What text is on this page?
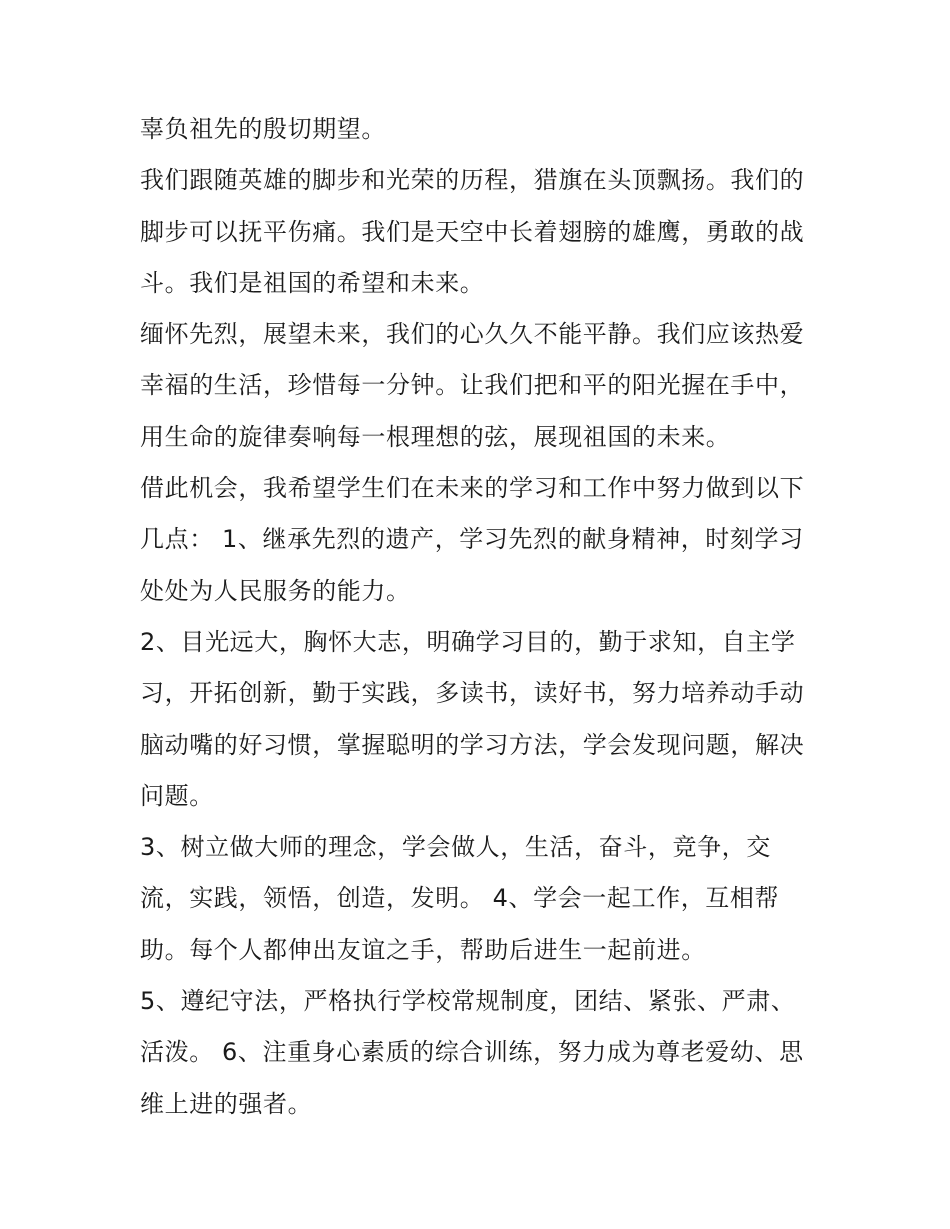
辜负祖先的殷切期望。

我们跟随英雄的脚步和光荣的历程，猎旗在头顶飘扬。我们的
脚步可以抚平伤痛。我们是天空中长着翅膀的雄鹰，勇敢的战
斗。我们是祖国的希望和未来。

缅怀先烈，展望未来，我们的心久久不能平静。我们应该热爱
幸福的生活，珍惜每一分钟。让我们把和平的阳光握在手中，
用生命的旋律奏响每一根理想的弦，展现祖国的未来。

借此机会，我希望学生们在未来的学习和工作中努力做到以下
几点： 1、继承先烈的遗产，学习先烈的献身精神，时刻学习
处处为人民服务的能力。

2、目光远大，胸怀大志，明确学习目的，勤于求知，自主学
习，开拓创新，勤于实践，多读书，读好书，努力培养动手动
脑动嘴的好习惯，掌握聪明的学习方法，学会发现问题，解决
问题。

3、树立做大师的理念，学会做人，生活，奋斗，竞争，交
流，实践，领悟，创造，发明。 4、学会一起工作，互相帮
助。每个人都伸出友谊之手，帮助后进生一起前进。

5、遵纪守法，严格执行学校常规制度，团结、紧张、严肃、
活泼。 6、注重身心素质的综合训练，努力成为尊老爱幼、思
维上进的强者。
